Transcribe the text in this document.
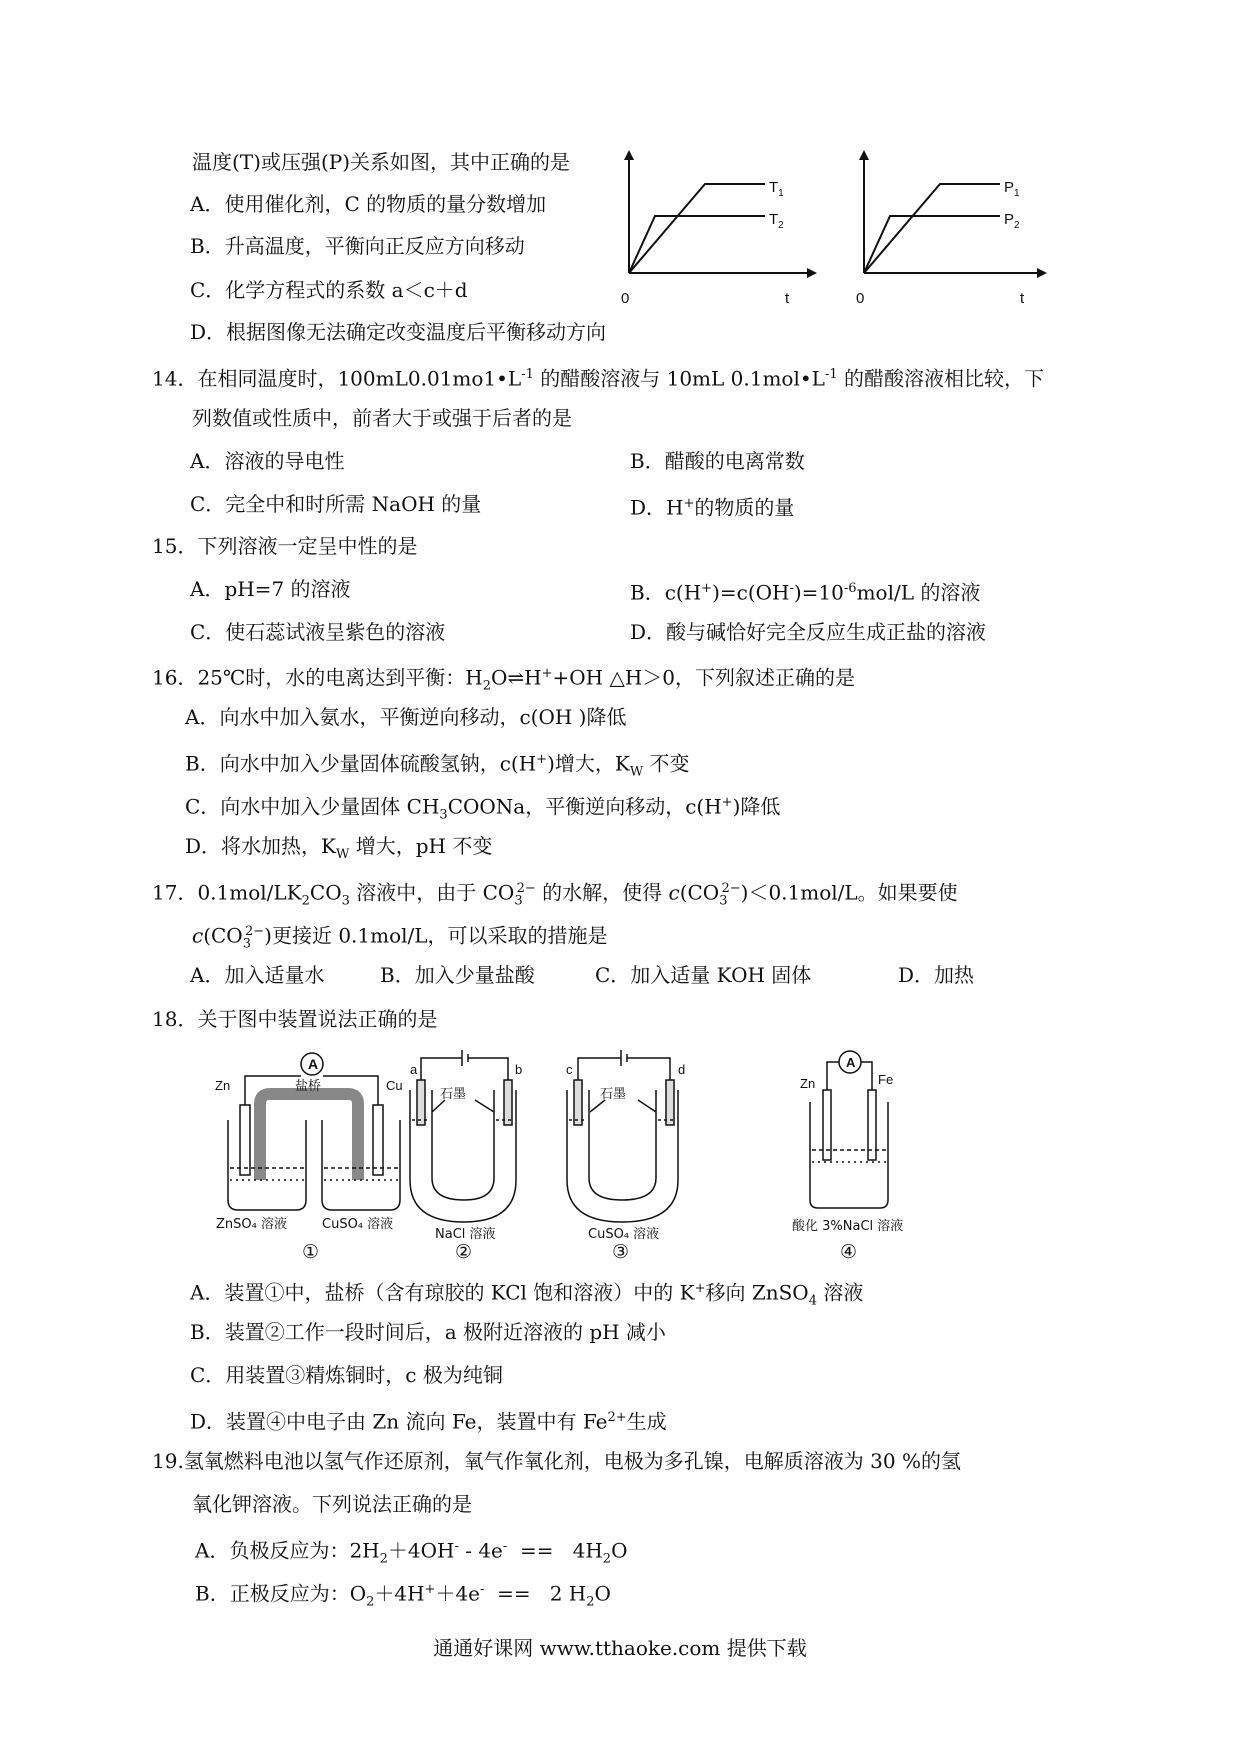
温度(T)或压强(P)关系如图，其中正确的是
A．使用催化剂，C 的物质的量分数增加
B．升高温度，平衡向正反应方向移动
C．化学方程式的系数 a＜c＋d
D．根据图像无法确定改变温度后平衡移动方向
$T_1$
$T_2$
0	t
$P_1$
$P_2$
0	t
14．在相同温度时，$100mL0.01mo1•L^{-1}$ 的醋酸溶液与 10mL $0.1mol•L^{-1}$ 的醋酸溶液相比较，下
列数值或性质中，前者大于或强于后者的是
A．溶液的导电性	B．醋酸的电离常数
C．完全中和时所需 NaOH 的量	D．H+的物质的量
15．下列溶液一定呈中性的是
A．pH=7 的溶液	B．$c(H^+)=c(OH^-)=10^{-6}mol/L$ 的溶液
C．使石蕊试液呈紫色的溶液	D．酸与碱恰好完全反应生成正盐的溶液
16．25℃时，水的电离达到平衡：$H_2O\rightleftharpoons H^++OH$ △H＞0，下列叙述正确的是
A．向水中加入氨水，平衡逆向移动，c(OH )降低
B．向水中加入少量固体硫酸氢钠，c(H+)增大，$K_W$ 不变
C．向水中加入少量固体 $CH_3COONa$，平衡逆向移动，c(H+)降低
D．将水加热，$K_W$ 增大，pH 不变
17．$0.1mol/LK_2CO_3$ 溶液中，由于 $CO_3^{2-}$ 的水解，使得 $c(CO_3^{2-})<0.1mol/L$。如果要使
$c(CO_3^{2-})$更接近 0.1mol/L，可以采取的措施是
A．加入适量水	B．加入少量盐酸	C．加入适量 KOH 固体	D．加热
18．关于图中装置说法正确的是
A
Zn	Cu
盐桥
ZnSO₄ 溶液	CuSO₄ 溶液
①
a	b
石墨
NaCl 溶液
②
c	d
石墨
CuSO₄ 溶液
③
A
Zn	Fe
酸化 3%NaCl 溶液
④
A．装置①中，盐桥（含有琼胶的 KCl 饱和溶液）中的 K+移向 ZnSO$_4$ 溶液
B．装置②工作一段时间后，a 极附近溶液的 pH 减小
C．用装置③精炼铜时，c 极为纯铜
D．装置④中电子由 Zn 流向 Fe，装置中有 $Fe^{2+}$生成
19.氢氧燃料电池以氢气作还原剂，氧气作氧化剂，电极为多孔镍，电解质溶液为 30 %的氢
氧化钾溶液。下列说法正确的是
A．负极反应为：$2H_2+4OH^- - 4e^- == 4H_2O$
B．正极反应为：$O_2+4H^++4e^- == 2$ $H_2O$
通通好课网 www.tthaoke.com 提供下载
